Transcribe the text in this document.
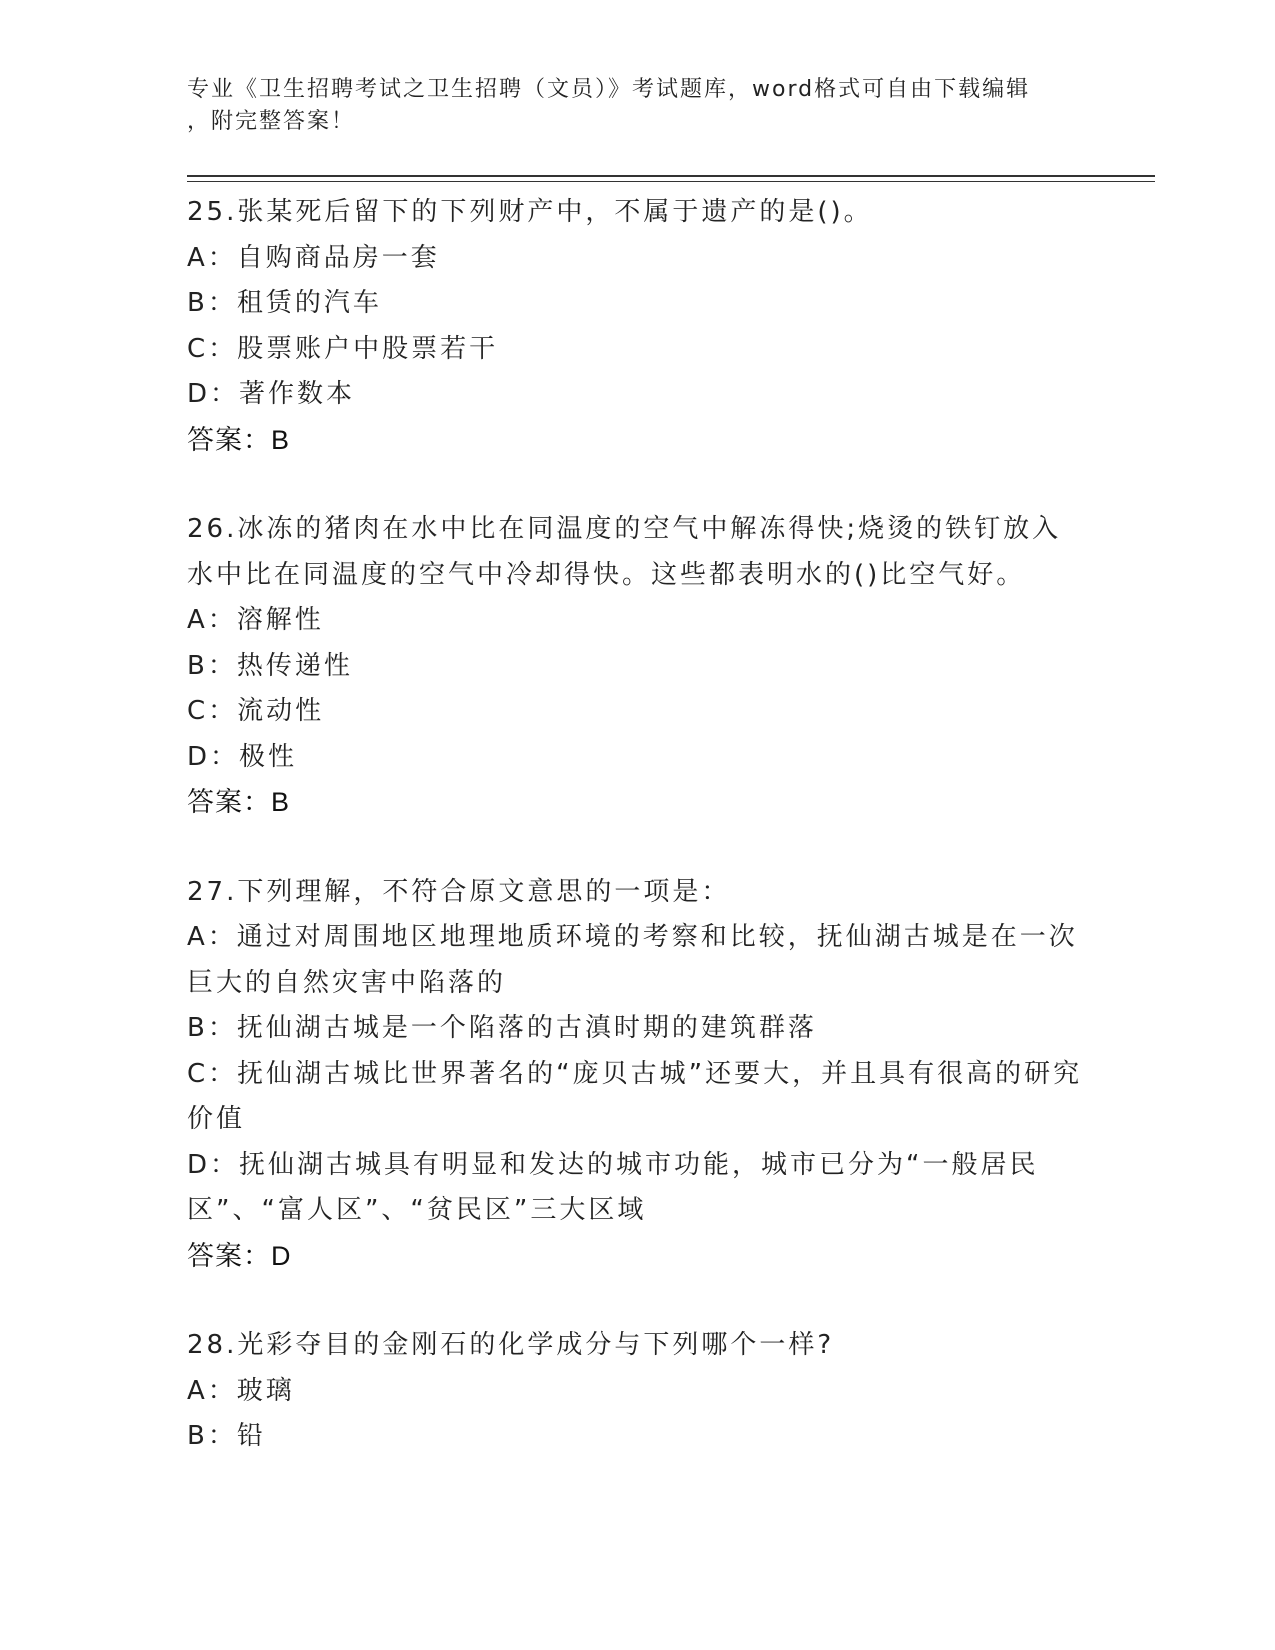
专业《卫生招聘考试之卫生招聘（文员）》考试题库，word格式可自由下载编辑
，附完整答案！

25.张某死后留下的下列财产中，不属于遗产的是()。

A：自购商品房一套

B：租赁的汽车

C：股票账户中股票若干

D：著作数本

答案：B

26.冰冻的猪肉在水中比在同温度的空气中解冻得快;烧烫的铁钉放入水中比在同温度的空气中冷却得快。这些都表明水的()比空气好。

A：溶解性

B：热传递性

C：流动性

D：极性

答案：B

27.下列理解，不符合原文意思的一项是：

A：通过对周围地区地理地质环境的考察和比较，抚仙湖古城是在一次巨大的自然灾害中陷落的

B：抚仙湖古城是一个陷落的古滇时期的建筑群落

C：抚仙湖古城比世界著名的“庞贝古城”还要大，并且具有很高的研究价值

D：抚仙湖古城具有明显和发达的城市功能，城市已分为“一般居民区”、“富人区”、“贫民区”三大区域

答案：D

28.光彩夺目的金刚石的化学成分与下列哪个一样?

A：玻璃

B：铅
